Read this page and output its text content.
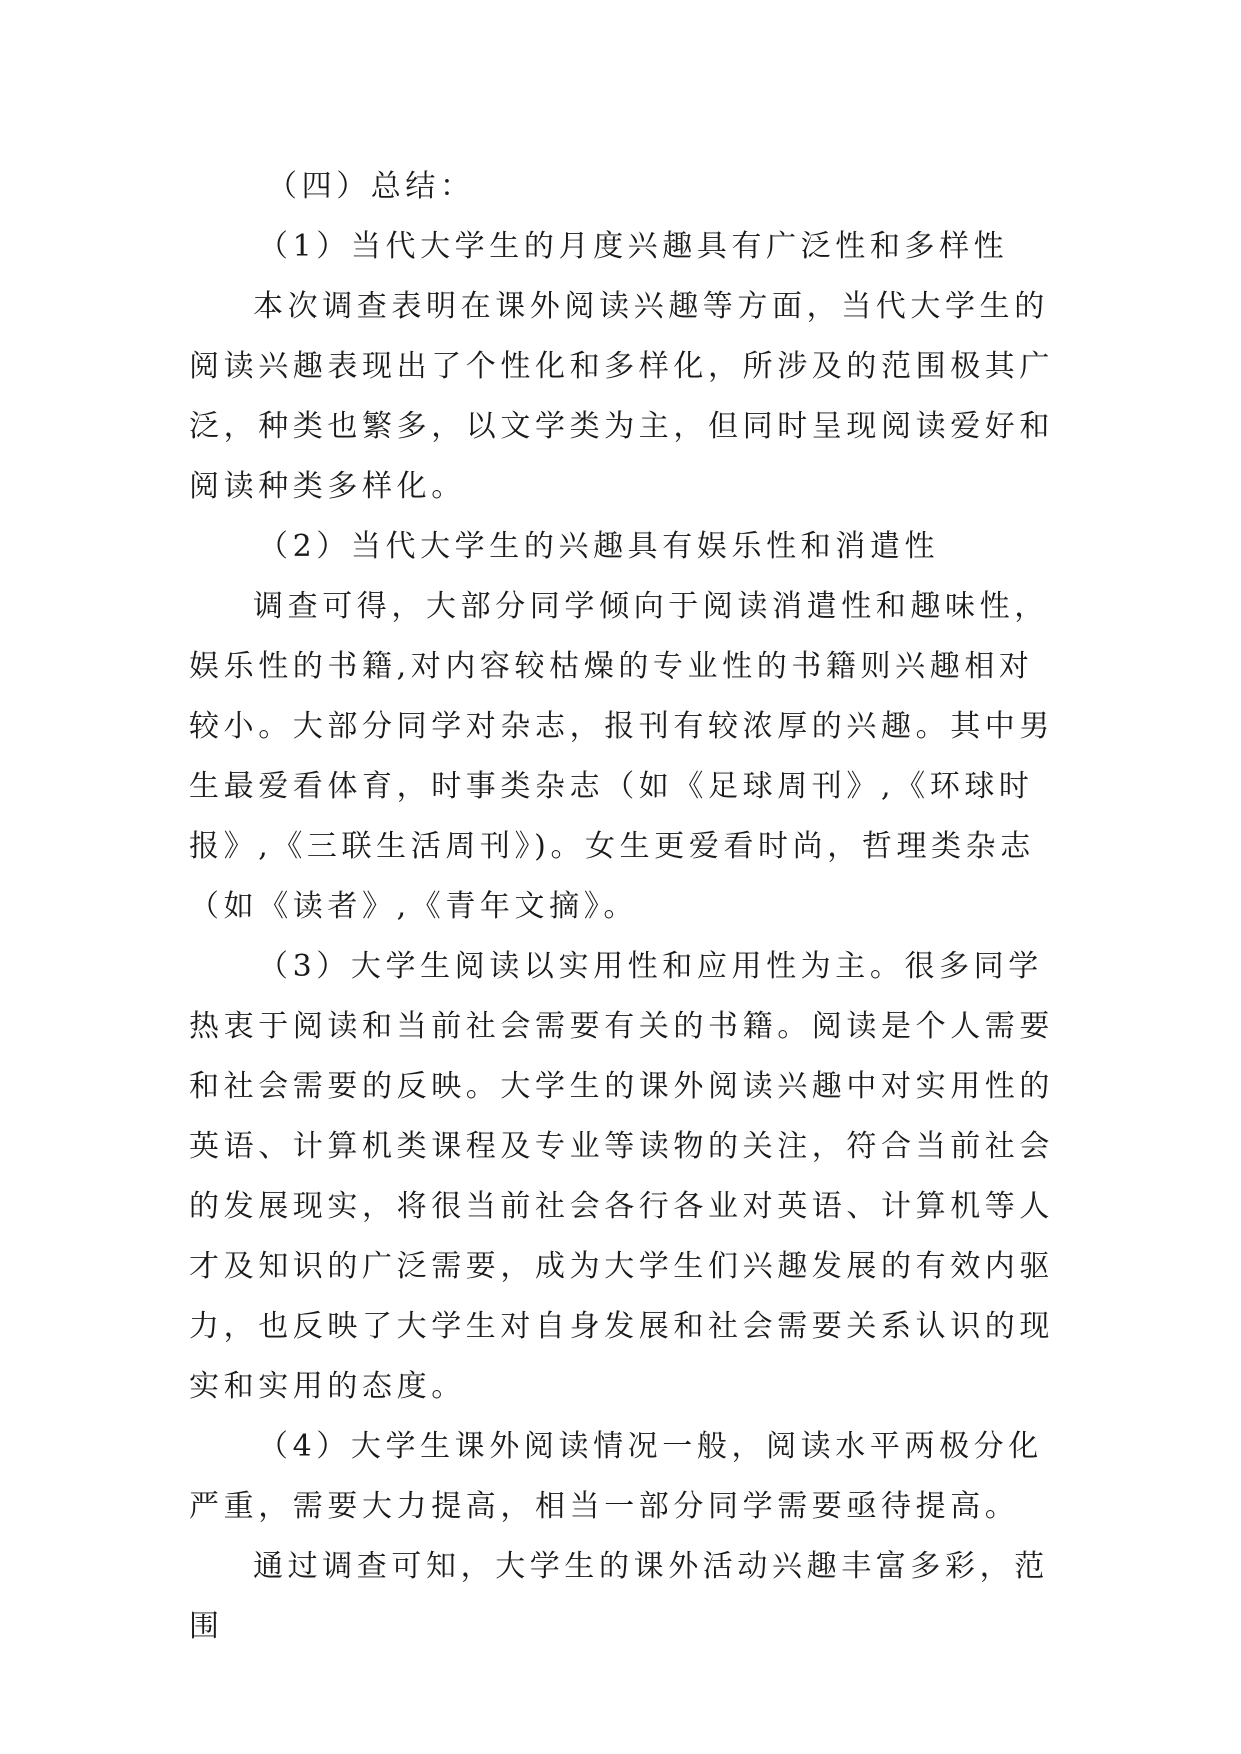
（四）总结：

（1）当代大学生的月度兴趣具有广泛性和多样性

本次调查表明在课外阅读兴趣等方面，当代大学生的阅读兴趣表现出了个性化和多样化，所涉及的范围极其广泛，种类也繁多，以文学类为主，但同时呈现阅读爱好和阅读种类多样化。

（2）当代大学生的兴趣具有娱乐性和消遣性

调查可得，大部分同学倾向于阅读消遣性和趣味性，娱乐性的书籍,对内容较枯燥的专业性的书籍则兴趣相对较小。大部分同学对杂志，报刊有较浓厚的兴趣。其中男生最爱看体育，时事类杂志（如《足球周刊》,《环球时报》,《三联生活周刊》)。女生更爱看时尚，哲理类杂志（如《读者》,《青年文摘》。

（3）大学生阅读以实用性和应用性为主。很多同学热衷于阅读和当前社会需要有关的书籍。阅读是个人需要和社会需要的反映。大学生的课外阅读兴趣中对实用性的英语、计算机类课程及专业等读物的关注，符合当前社会的发展现实，将很当前社会各行各业对英语、计算机等人才及知识的广泛需要，成为大学生们兴趣发展的有效内驱力，也反映了大学生对自身发展和社会需要关系认识的现实和实用的态度。

（4）大学生课外阅读情况一般，阅读水平两极分化严重，需要大力提高，相当一部分同学需要亟待提高。

通过调查可知，大学生的课外活动兴趣丰富多彩，范围
